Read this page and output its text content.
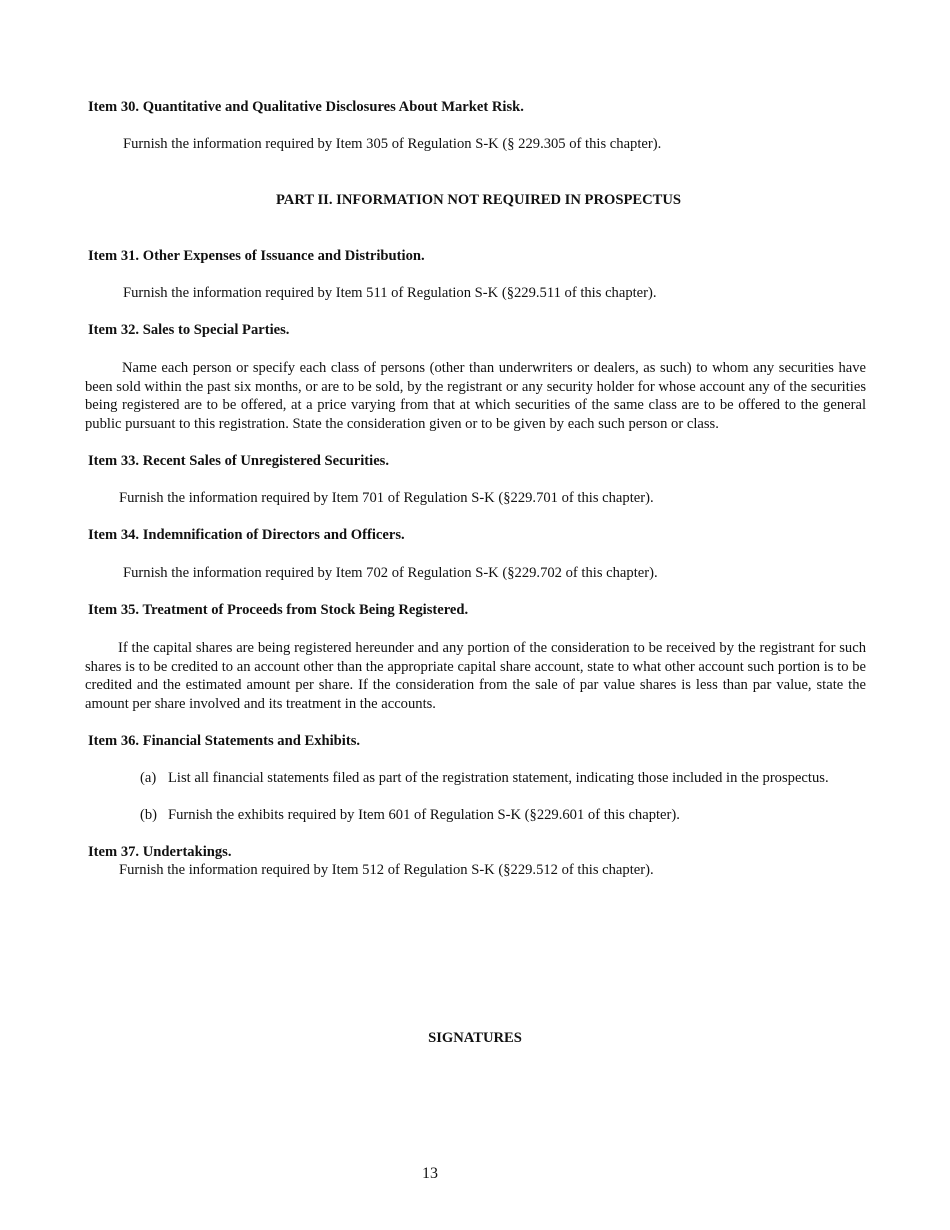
Item 30. Quantitative and Qualitative Disclosures About Market Risk.
Furnish the information required by Item 305 of Regulation S-K (§ 229.305 of this chapter).
PART II. INFORMATION NOT REQUIRED IN PROSPECTUS
Item 31. Other Expenses of Issuance and Distribution.
Furnish the information required by Item 511 of Regulation S-K (§229.511 of this chapter).
Item 32. Sales to Special Parties.
Name each person or specify each class of persons (other than underwriters or dealers, as such) to whom any securities have been sold within the past six months, or are to be sold, by the registrant or any security holder for whose account any of the securities being registered are to be offered, at a price varying from that at which securities of the same class are to be offered to the general public pursuant to this registration. State the consideration given or to be given by each such person or class.
Item 33. Recent Sales of Unregistered Securities.
Furnish the information required by Item 701 of Regulation S-K (§229.701 of this chapter).
Item 34. Indemnification of Directors and Officers.
Furnish the information required by Item 702 of Regulation S-K (§229.702 of this chapter).
Item 35. Treatment of Proceeds from Stock Being Registered.
If the capital shares are being registered hereunder and any portion of the consideration to be received by the registrant for such shares is to be credited to an account other than the appropriate capital share account, state to what other account such portion is to be credited and the estimated amount per share. If the consideration from the sale of par value shares is less than par value, state the amount per share involved and its treatment in the accounts.
Item 36. Financial Statements and Exhibits.
(a) List all financial statements filed as part of the registration statement, indicating those included in the prospectus.
(b) Furnish the exhibits required by Item 601 of Regulation S-K (§229.601 of this chapter).
Item 37. Undertakings.
Furnish the information required by Item 512 of Regulation S-K (§229.512 of this chapter).
SIGNATURES
13
